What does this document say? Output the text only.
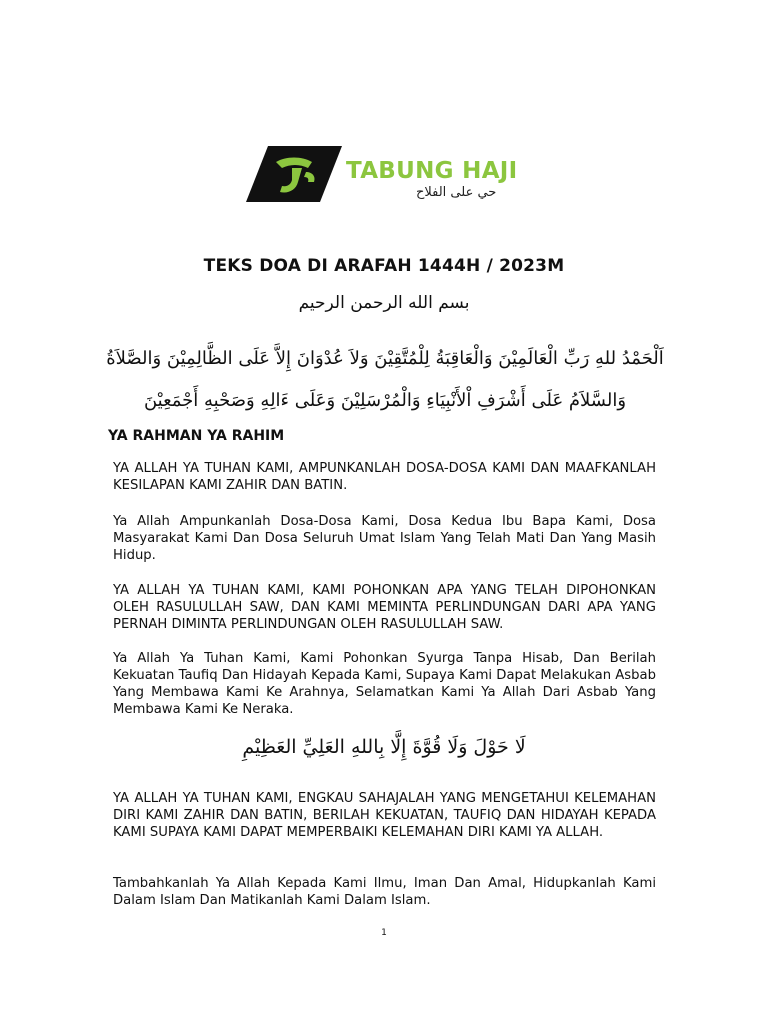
TABUNG HAJI
حي على الفلاح
TEKS DOA DI ARAFAH 1444H / 2023M
بسم الله الرحمن الرحيم
اَلْحَمْدُ للهِ رَبِّ الْعَالَمِيْنَ وَالْعَاقِبَةُ لِلْمُتَّقِيْنَ وَلاَ عُدْوَانَ إِلاَّ عَلَى الظَّالِمِيْنَ وَالصَّلاَةُ وَالسَّلاَمُ عَلَى أَشْرَفِ اْلأَنْبِيَاءِ وَالْمُرْسَلِيْنَ وَعَلَى ءَالِهِ وَصَحْبِهِ أَجْمَعِيْنَ
YA RAHMAN YA RAHIM
YA ALLAH YA TUHAN KAMI, AMPUNKANLAH DOSA-DOSA KAMI DAN MAAFKANLAH KESILAPAN KAMI ZAHIR DAN BATIN.
Ya Allah Ampunkanlah Dosa-Dosa Kami, Dosa Kedua Ibu Bapa Kami, Dosa Masyarakat Kami Dan Dosa Seluruh Umat Islam Yang Telah Mati Dan Yang Masih Hidup.
YA ALLAH YA TUHAN KAMI, KAMI POHONKAN APA YANG TELAH DIPOHONKAN OLEH RASULULLAH SAW, DAN KAMI MEMINTA PERLINDUNGAN DARI APA YANG PERNAH DIMINTA PERLINDUNGAN OLEH RASULULLAH SAW.
Ya Allah Ya Tuhan Kami, Kami Pohonkan Syurga Tanpa Hisab, Dan Berilah Kekuatan Taufiq Dan Hidayah Kepada Kami, Supaya Kami Dapat Melakukan Asbab Yang Membawa Kami Ke Arahnya, Selamatkan Kami Ya Allah Dari Asbab Yang Membawa Kami Ke Neraka.
لَا حَوْلَ وَلَا قُوَّةَ إِلَّا بِاللهِ العَلِيِّ العَظِيْمِ
YA ALLAH YA TUHAN KAMI, ENGKAU SAHAJALAH YANG MENGETAHUI KELEMAHAN DIRI KAMI ZAHIR DAN BATIN, BERILAH KEKUATAN, TAUFIQ DAN HIDAYAH KEPADA KAMI SUPAYA KAMI DAPAT MEMPERBAIKI KELEMAHAN DIRI KAMI YA ALLAH.
Tambahkanlah Ya Allah Kepada Kami Ilmu, Iman Dan Amal, Hidupkanlah Kami Dalam Islam Dan Matikanlah Kami Dalam Islam.
1
